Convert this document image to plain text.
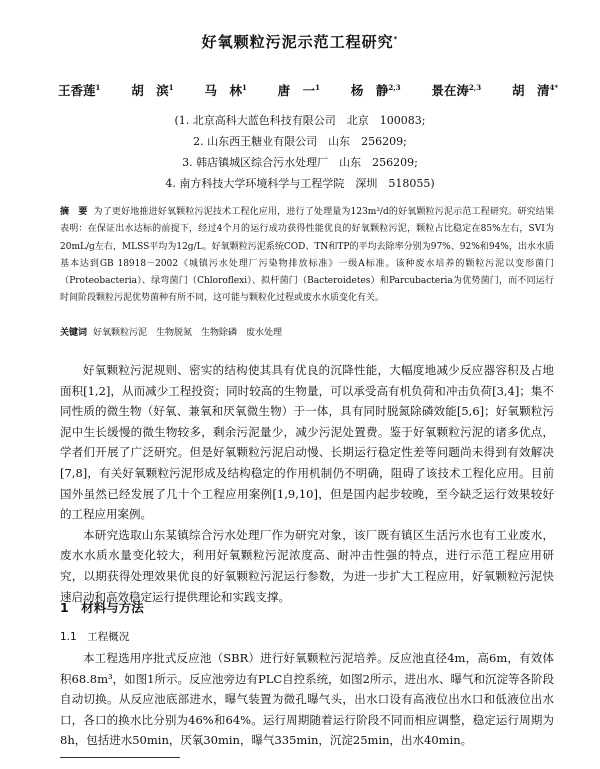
好氧颗粒污泥示范工程研究*
王香莲$^1$ 胡　滨$^1$ 马　林$^1$ 唐　一$^1$ 杨　静$^{2,3}$ 景在涛$^{2,3}$ 胡　清$^{4*}$
(1. 北京高科大蓝色科技有限公司　北京　100083;
2. 山东西王糖业有限公司　山东　256209;
3. 韩店镇城区综合污水处理厂　山东　256209;
4. 南方科技大学环境科学与工程学院　深圳　518055)
摘　要 为了更好地推进好氧颗粒污泥技术工程化应用，进行了处理量为123m³/d的好氧颗粒污泥示范工程研究。研究结果表明：在保证出水达标的前提下，经过4个月的运行成功获得性能优良的好氧颗粒污泥，颗粒占比稳定在85%左右，SVI为20mL/g左右，MLSS平均为12g/L。好氧颗粒污泥系统COD、TN和TP的平均去除率分别为97%、92%和94%，出水水质基本达到GB 18918－2002《城镇污水处理厂污染物排放标准》一级A标准。该种废水培养的颗粒污泥以变形菌门（Proteobacteria）、绿弯菌门（Chloroflexi）、拟杆菌门（Bacteroidetes）和Parcubacteria为优势菌门，而不同运行时间阶段颗粒污泥优势菌种有所不同，这可能与颗粒化过程或废水水质变化有关。
关键词 好氧颗粒污泥　生物脱氮　生物除磷　废水处理

好氧颗粒污泥规则、密实的结构使其具有优良的沉降性能，大幅度地减少反应器容积及占地面积[1,2]，从而减少工程投资；同时较高的生物量，可以承受高有机负荷和冲击负荷[3,4]；集不同性质的微生物（好氧、兼氧和厌氧微生物）于一体，具有同时脱氮除磷效能[5,6]；好氧颗粒污泥中生长缓慢的微生物较多，剩余污泥量少，减少污泥处置费。鉴于好氧颗粒污泥的诸多优点，学者们开展了广泛研究。但是好氧颗粒污泥启动慢、长期运行稳定性差等问题尚未得到有效解决[7,8]，有关好氧颗粒污泥形成及结构稳定的作用机制仍不明确，阻碍了该技术工程化应用。目前国外虽然已经发展了几十个工程应用案例[1,9,10]，但是国内起步较晚，至今缺乏运行效果较好的工程应用案例。

本研究选取山东某镇综合污水处理厂作为研究对象，该厂既有镇区生活污水也有工业废水，废水水质水量变化较大，利用好氧颗粒污泥浓度高、耐冲击性强的特点，进行示范工程应用研究，以期获得处理效果优良的好氧颗粒污泥运行参数，为进一步扩大工程应用，好氧颗粒污泥快速启动和高效稳定运行提供理论和实践支撑。

1　材料与方法
1.1　工程概况

本工程选用序批式反应池（SBR）进行好氧颗粒污泥培养。反应池直径4m，高6m，有效体积68.8m³，如图1所示。反应池旁边有PLC自控系统，如图2所示，进出水、曝气和沉淀等各阶段自动切换。从反应池底部进水，曝气装置为微孔曝气头，出水口设有高液位出水口和低液位出水口，各口的换水比分别为46%和64%。运行周期随着运行阶段不同而相应调整，稳定运行周期为8h，包括进水50min，厌氧30min，曝气335min，沉淀25min，出水40min。
